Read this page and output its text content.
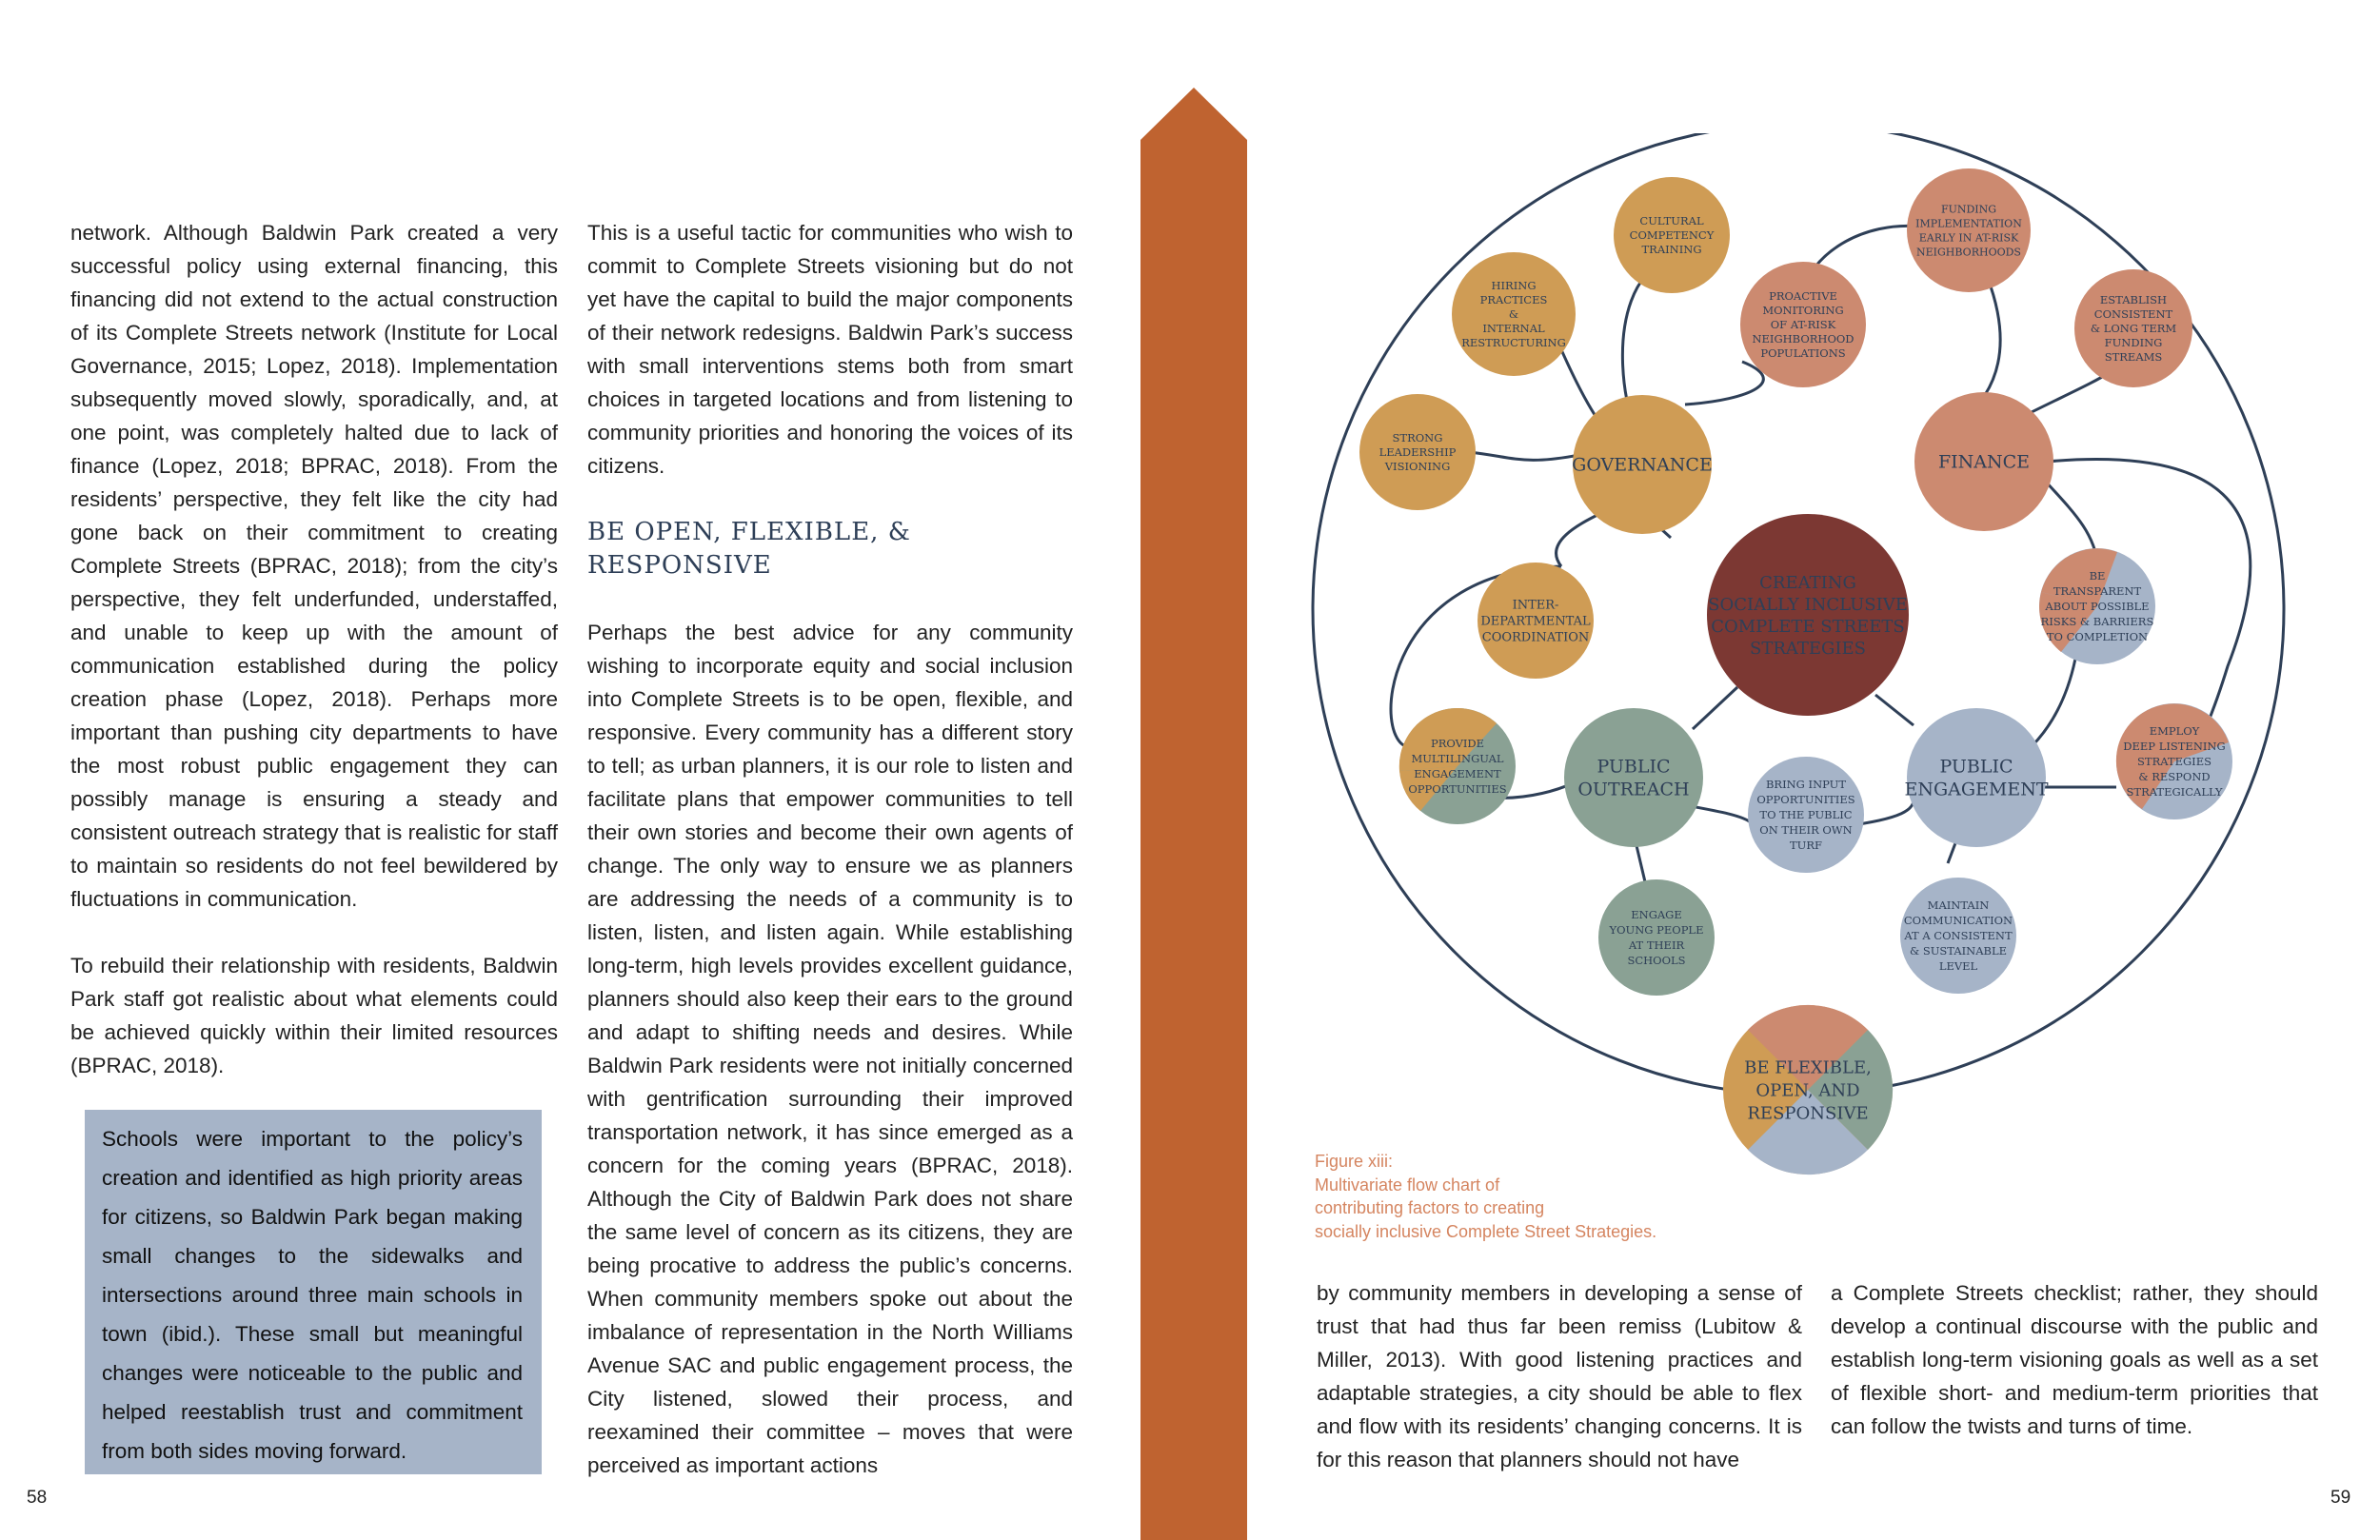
network. Although Baldwin Park created a very successful policy using external financing, this financing did not extend to the actual construction of its Complete Streets network (Institute for Local Governance, 2015; Lopez, 2018). Implementation subsequently moved slowly, sporadically, and, at one point, was completely halted due to lack of finance (Lopez, 2018; BPRAC, 2018). From the residents’ perspective, they felt like the city had gone back on their commitment to creating Complete Streets (BPRAC, 2018); from the city’s perspective, they felt underfunded, understaffed, and unable to keep up with the amount of communication established during the policy creation phase (Lopez, 2018). Perhaps more important than pushing city departments to have the most robust public engagement they can possibly manage is ensuring a steady and consistent outreach strategy that is realistic for staff to maintain so residents do not feel bewildered by fluctuations in communication.

To rebuild their relationship with residents, Baldwin Park staff got realistic about what elements could be achieved quickly within their limited resources (BPRAC, 2018).

Schools were important to the policy’s creation and identified as high priority areas for citizens, so Baldwin Park began making small changes to the sidewalks and intersections around three main schools in town (ibid.). These small but meaningful changes were noticeable to the public and helped reestablish trust and commitment from both sides moving forward.

This is a useful tactic for communities who wish to commit to Complete Streets visioning but do not yet have the capital to build the major components of their network redesigns. Baldwin Park’s success with small interventions stems both from smart choices in targeted locations and from listening to community priorities and honoring the voices of its citizens.

BE OPEN, FLEXIBLE, & RESPONSIVE

Perhaps the best advice for any community wishing to incorporate equity and social inclusion into Complete Streets is to be open, flexible, and responsive. Every community has a different story to tell; as urban planners, it is our role to listen and facilitate plans that empower communities to tell their own stories and become their own agents of change. The only way to ensure we as planners are addressing the needs of a community is to listen, listen, and listen again. While establishing long-term, high levels provides excellent guidance, planners should also keep their ears to the ground and adapt to shifting needs and desires. While Baldwin Park residents were not initially concerned with gentrification surrounding their improved transportation network, it has since emerged as a concern for the coming years (BPRAC, 2018). Although the City of Baldwin Park does not share the same level of concern as its citizens, they are being procative to address the public’s concerns. When community members spoke out about the imbalance of representation in the North Williams Avenue SAC and public engagement process, the City listened, slowed their process, and reexamined their committee – moves that were perceived as important actions

58
CREATING SOCIALLY INCLUSIVE COMPLETE STREETS STRATEGIES
GOVERNANCE	FINANCE
PUBLIC OUTREACH
PUBLIC ENGAGEMENT
BE FLEXIBLE, OPEN, AND RESPONSIVE
CULTURAL COMPETENCY TRAINING
HIRING PRACTICES & INTERNAL RESTRUCTURING
STRONG LEADERSHIP VISIONING
INTER-DEPARTMENTAL COORDINATION
PROACTIVE MONITORING OF AT-RISK NEIGHBORHOOD POPULATIONS
FUNDING IMPLEMENTATION EARLY IN AT-RISK NEIGHBORHOODS
ESTABLISH CONSISTENT & LONG TERM FUNDING STREAMS
BE TRANSPARENT ABOUT POSSIBLE RISKS & BARRIERS TO COMPLETION
PROVIDE MULTILINGUAL ENGAGEMENT OPPORTUNITIES	BRING INPUT OPPORTUNITIES TO THE PUBLIC ON THEIR OWN TURF
ENGAGE YOUNG PEOPLE AT THEIR SCHOOLS
MAINTAIN COMMUNICATION AT A CONSISTENT & SUSTAINABLE LEVEL
EMPLOY DEEP LISTENING STRATEGIES & RESPOND STRATEGICALLY
Figure xiii:
Multivariate flow chart of
contributing factors to creating
socially inclusive Complete Street Strategies.

by community members in developing a sense of trust that had thus far been remiss (Lubitow & Miller, 2013). With good listening practices and adaptable strategies, a city should be able to flex and flow with its residents’ changing concerns. It is for this reason that planners should not have

a Complete Streets checklist; rather, they should develop a continual discourse with the public and establish long-term visioning goals as well as a set of flexible short- and medium-term priorities that can follow the twists and turns of time.

59
